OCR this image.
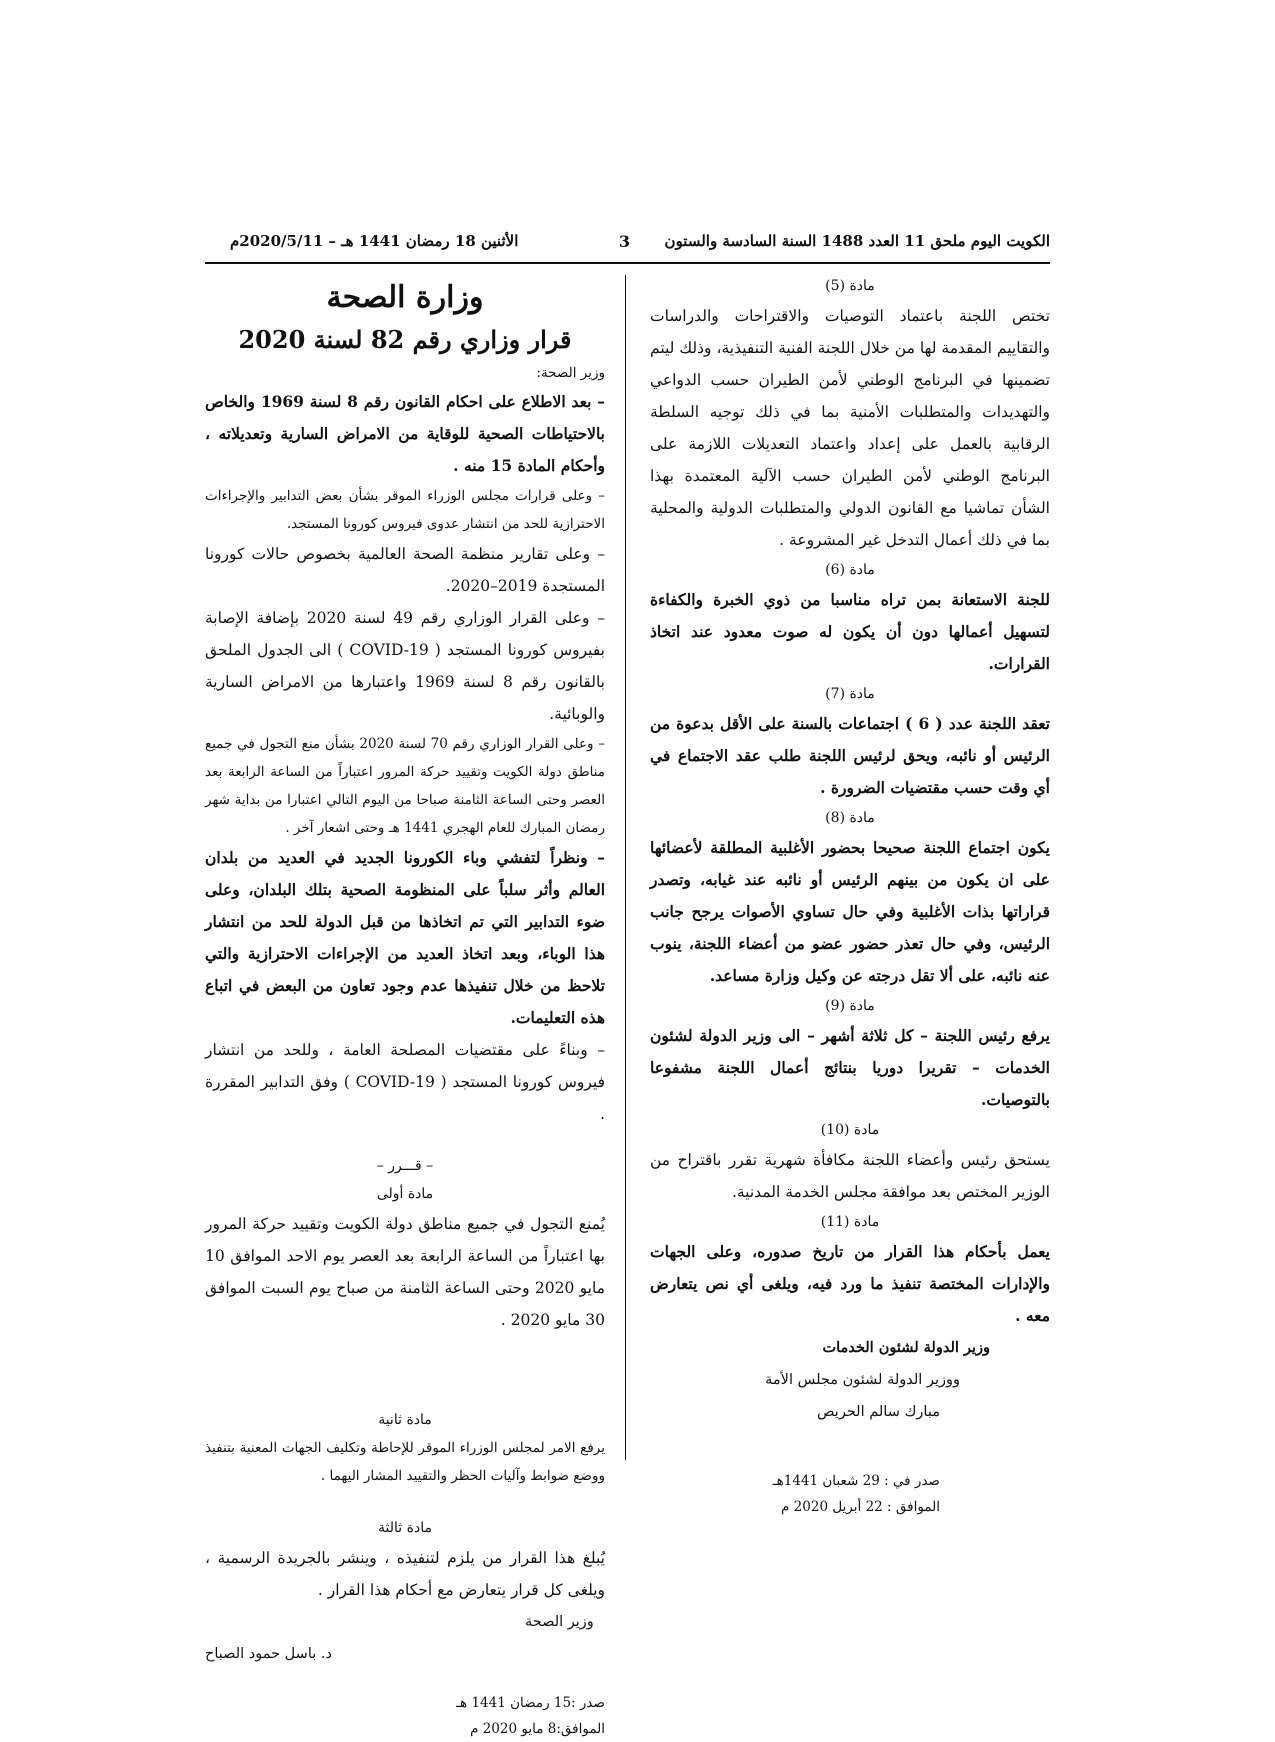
الكويت اليوم ملحق 11 العدد 1488 السنة السادسة والستون
3
الأثنين 18 رمضان 1441 هـ – 2020/5/11م
مادة (5)

تختص اللجنة باعتماد التوصيات والاقتراحات والدراسات والتقاييم المقدمة لها من خلال اللجنة الفنية التنفيذية، وذلك ليتم تضمينها في البرنامج الوطني لأمن الطيران حسب الدواعي والتهديدات والمتطلبات الأمنية بما في ذلك توجيه السلطة الرقابية بالعمل على إعداد واعتماد التعديلات اللازمة على البرنامج الوطني لأمن الطيران حسب الآلية المعتمدة بهذا الشأن تماشيا مع القانون الدولي والمتطلبات الدولية والمحلية بما في ذلك أعمال التدخل غير المشروعة .

مادة (6)

للجنة الاستعانة بمن تراه مناسبا من ذوي الخبرة والكفاءة لتسهيل أعمالها دون أن يكون له صوت معدود عند اتخاذ القرارات.

مادة (7)

تعقد اللجنة عدد ( 6 ) اجتماعات بالسنة على الأقل بدعوة من الرئيس أو نائبه، ويحق لرئيس اللجنة طلب عقد الاجتماع في أي وقت حسب مقتضيات الضرورة .

مادة (8)

يكون اجتماع اللجنة صحيحا بحضور الأغلبية المطلقة لأعضائها على ان يكون من بينهم الرئيس أو نائبه عند غيابه، وتصدر قراراتها بذات الأغلبية وفي حال تساوي الأصوات يرجح جانب الرئيس، وفي حال تعذر حضور عضو من أعضاء اللجنة، ينوب عنه نائبه، على ألا تقل درجته عن وكيل وزارة مساعد.

مادة (9)

يرفع رئيس اللجنة – كل ثلاثة أشهر – الى وزير الدولة لشئون الخدمات – تقريرا دوريا بنتائج أعمال اللجنة مشفوعا بالتوصيات.

مادة (10)

يستحق رئيس وأعضاء اللجنة مكافأة شهرية تقرر باقتراح من الوزير المختص بعد موافقة مجلس الخدمة المدنية.

مادة (11)

يعمل بأحكام هذا القرار من تاريخ صدوره، وعلى الجهات والإدارات المختصة تنفيذ ما ورد فيه، ويلغى أي نص يتعارض معه .

وزير الدولة لشئون الخدمات
ووزير الدولة لشئون مجلس الأمة
مبارك سالم الحريص
صدر في : 29 شعبان 1441هـ
الموافق : 22 أبريل 2020 م
وزارة الصحة
قرار وزاري رقم 82 لسنة 2020
وزير الصحة:

– بعد الاطلاع على احكام القانون رقم 8 لسنة 1969 والخاص بالاحتياطات الصحية للوقاية من الامراض السارية وتعديلاته ، وأحكام المادة 15 منه .

– وعلى قرارات مجلس الوزراء الموقر بشأن بعض التدابير والإجراءات الاحترازية للحد من انتشار عدوى فيروس كورونا المستجد.

– وعلى تقارير منظمة الصحة العالمية بخصوص حالات كورونا المستجدة 2019–2020.

– وعلى القرار الوزاري رقم 49 لسنة 2020 بإضافة الإصابة بفيروس كورونا المستجد ( COVID-19 ) الى الجدول الملحق بالقانون رقم 8 لسنة 1969 واعتبارها من الامراض السارية والوبائية.

– وعلى القرار الوزاري رقم 70 لسنة 2020 بشأن منع التجول في جميع مناطق دولة الكويت وتقييد حركة المرور اعتباراً من الساعة الرابعة بعد العصر وحتى الساعة الثامنة صباحا من اليوم التالي اعتبارا من بداية شهر رمضان المبارك للعام الهجري 1441 هـ وحتى اشعار آخر .

– ونظراً لتفشي وباء الكورونا الجديد في العديد من بلدان العالم وأثر سلباً على المنظومة الصحية بتلك البلدان، وعلى ضوء التدابير التي تم اتخاذها من قبل الدولة للحد من انتشار هذا الوباء، وبعد اتخاذ العديد من الإجراءات الاحترازية والتي تلاحظ من خلال تنفيذها عدم وجود تعاون من البعض في اتباع هذه التعليمات.

– وبناءً على مقتضيات المصلحة العامة ، وللحد من انتشار فيروس كورونا المستجد ( COVID-19 ) وفق التدابير المقررة .

– قـــرر –
مادة أولى

يُمنع التجول في جميع مناطق دولة الكويت وتقييد حركة المرور بها اعتباراً من الساعة الرابعة بعد العصر يوم الاحد الموافق 10 مايو 2020 وحتى الساعة الثامنة من صباح يوم السبت الموافق 30 مايو 2020 .

مادة ثانية

يرفع الامر لمجلس الوزراء الموقر للإحاطة وتكليف الجهات المعنية بتنفيذ ووضع ضوابط وآليات الحظر والتقييد المشار اليهما .

مادة ثالثة

يُبلغ هذا القرار من يلزم لتنفيذه ، وينشر بالجريدة الرسمية ، ويلغى كل قرار يتعارض مع أحكام هذا القرار .

وزير الصحة
د. باسل حمود الصباح
صدر :15 رمضان 1441 هـ
الموافق:8 مايو 2020 م
